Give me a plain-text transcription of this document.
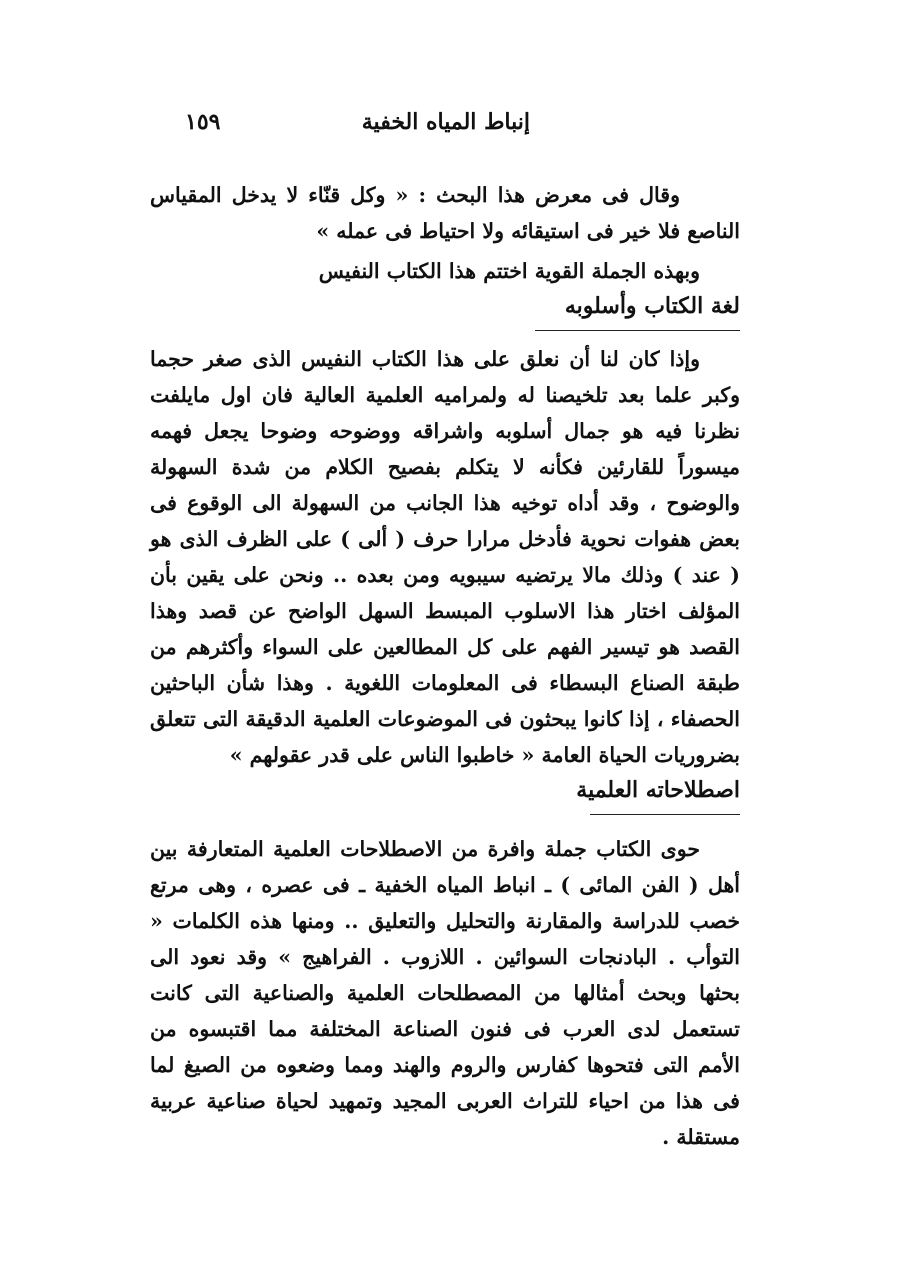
إنباط المياه الخفية
١٥٩

وقال فى معرض هذا البحث : « وكل قنّاء لا يدخل المقياس الناصع فلا خير فى استيقائه ولا احتياط فى عمله »

وبهذه الجملة القوية اختتم هذا الكتاب النفيس

لغة الكتاب وأسلوبه

وإذا كان لنا أن نعلق على هذا الكتاب النفيس الذى صغر حجما وكبر علما بعد تلخيصنا له ولمراميه العلمية العالية فان اول مايلفت نظرنا فيه هو جمال أسلوبه واشراقه ووضوحه وضوحا يجعل فهمه ميسوراً للقارئين فكأنه لا يتكلم بفصيح الكلام من شدة السهولة والوضوح ، وقد أداه توخيه هذا الجانب من السهولة الى الوقوع فى بعض هفوات نحوية فأدخل مرارا حرف ( ألى ) على الظرف الذى هو ( عند ) وذلك مالا يرتضيه سيبويه ومن بعده .. ونحن على يقين بأن المؤلف اختار هذا الاسلوب المبسط السهل الواضح عن قصد وهذا القصد هو تيسير الفهم على كل المطالعين على السواء وأكثرهم من طبقة الصناع البسطاء فى المعلومات اللغوية . وهذا شأن الباحثين الحصفاء ، إذا كانوا يبحثون فى الموضوعات العلمية الدقيقة التى تتعلق بضروريات الحياة العامة « خاطبوا الناس على قدر عقولهم »

اصطلاحاته العلمية

حوى الكتاب جملة وافرة من الاصطلاحات العلمية المتعارفة بين أهل ( الفن المائى ) ـ انباط المياه الخفية ـ فى عصره ، وهى مرتع خصب للدراسة والمقارنة والتحليل والتعليق .. ومنها هذه الكلمات « التوأب . البادنجات السوائين . اللازوب . الفراهيج » وقد نعود الى بحثها وبحث أمثالها من المصطلحات العلمية والصناعية التى كانت تستعمل لدى العرب فى فنون الصناعة المختلفة مما اقتبسوه من الأمم التى فتحوها كفارس والروم والهند ومما وضعوه من الصيغ لما فى هذا من احياء للتراث العربى المجيد وتمهيد لحياة صناعية عربية مستقلة .
